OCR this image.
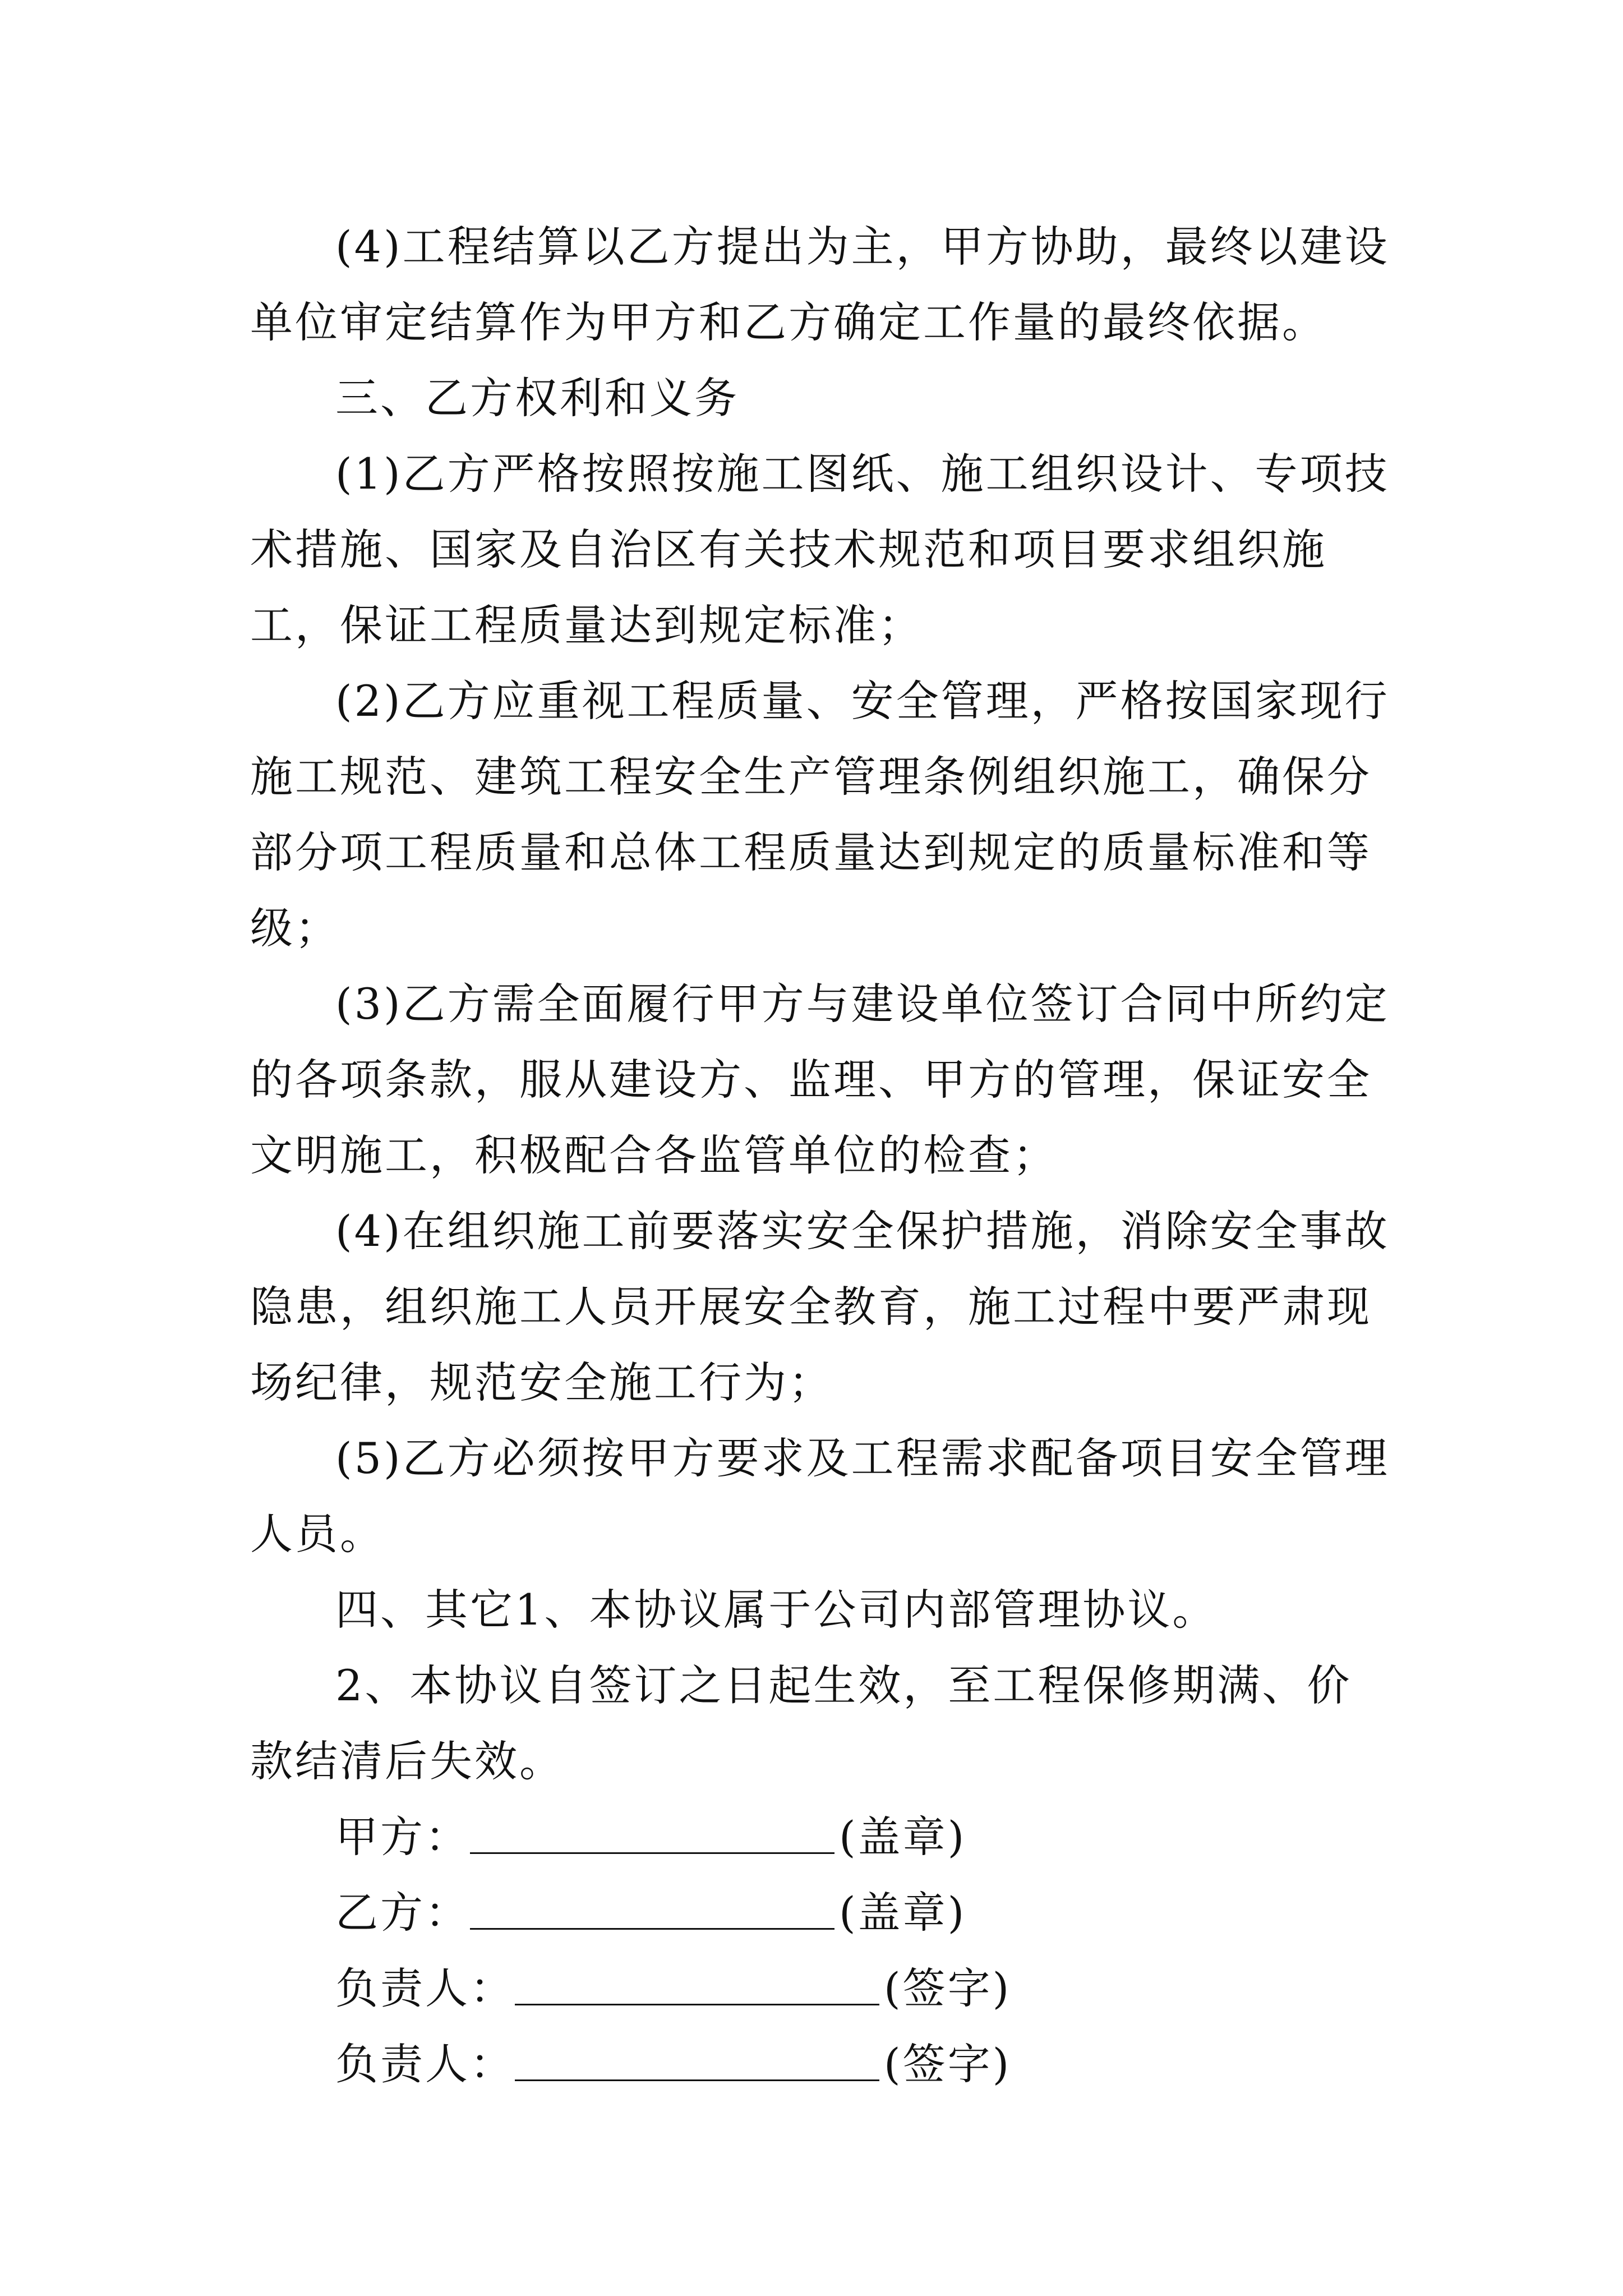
(4)工程结算以乙方提出为主，甲方协助，最终以建设单位审定结算作为甲方和乙方确定工作量的最终依据。

三、乙方权利和义务

(1)乙方严格按照按施工图纸、施工组织设计、专项技术措施、国家及自治区有关技术规范和项目要求组织施工，保证工程质量达到规定标准；

(2)乙方应重视工程质量、安全管理，严格按国家现行施工规范、建筑工程安全生产管理条例组织施工，确保分部分项工程质量和总体工程质量达到规定的质量标准和等级；

(3)乙方需全面履行甲方与建设单位签订合同中所约定的各项条款，服从建设方、监理、甲方的管理，保证安全文明施工，积极配合各监管单位的检查；

(4)在组织施工前要落实安全保护措施，消除安全事故隐患，组织施工人员开展安全教育，施工过程中要严肃现场纪律，规范安全施工行为；

(5)乙方必须按甲方要求及工程需求配备项目安全管理人员。

四、其它1、本协议属于公司内部管理协议。

2、本协议自签订之日起生效，至工程保修期满、价款结清后失效。

甲方：	(盖章)

乙方：	(盖章)

负责人：	(签字)

负责人：	(签字)
